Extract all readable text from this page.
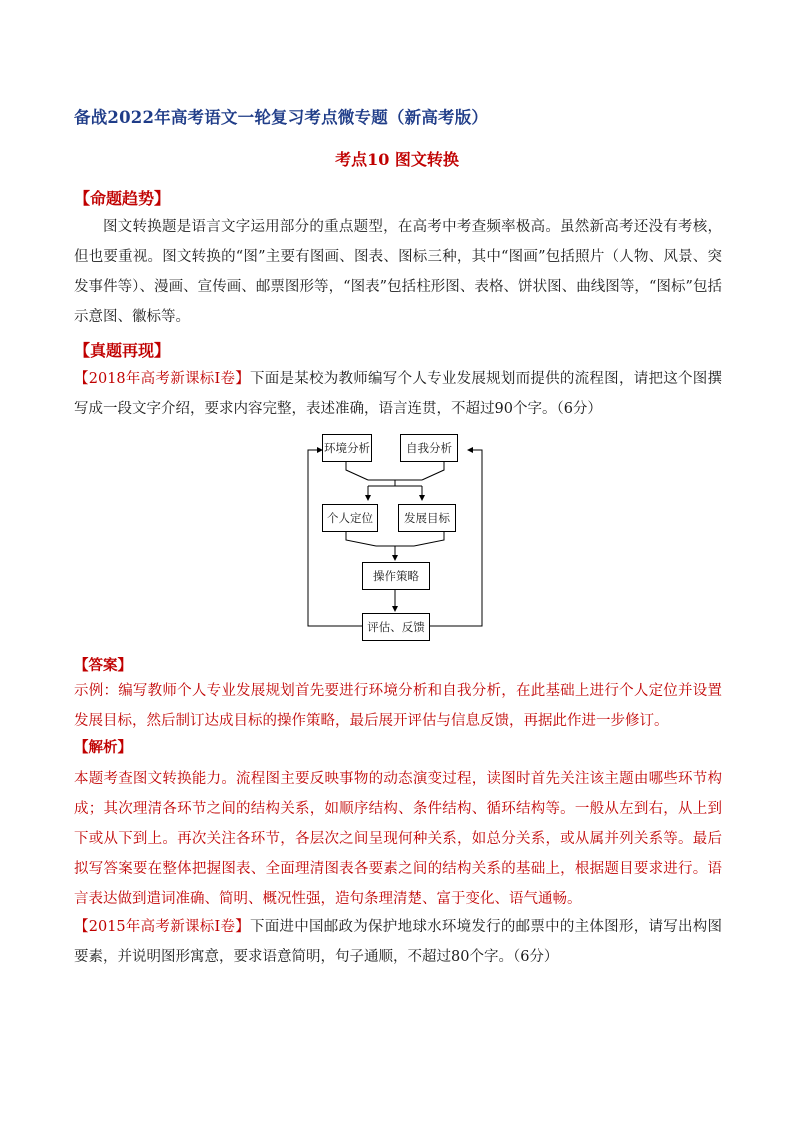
备战2022年高考语文一轮复习考点微专题（新高考版）
考点10 图文转换
【命题趋势】
图文转换题是语言文字运用部分的重点题型，在高考中考查频率极高。虽然新高考还没有考核，但也要重视。图文转换的“图”主要有图画、图表、图标三种，其中“图画”包括照片（人物、风景、突发事件等）、漫画、宣传画、邮票图形等，“图表”包括柱形图、表格、饼状图、曲线图等，“图标”包括示意图、徽标等。
【真题再现】
【2018年高考新课标Ⅰ卷】下面是某校为教师编写个人专业发展规划而提供的流程图，请把这个图撰写成一段文字介绍，要求内容完整，表述准确，语言连贯，不超过90个字。（6分）
环境分析	自我分析
个人定位	发展目标
操作策略
评估、反馈
【答案】
示例：编写教师个人专业发展规划首先要进行环境分析和自我分析，在此基础上进行个人定位并设置发展目标，然后制订达成目标的操作策略，最后展开评估与信息反馈，再据此作进一步修订。
【解析】
本题考查图文转换能力。流程图主要反映事物的动态演变过程，读图时首先关注该主题由哪些环节构成；其次理清各环节之间的结构关系，如顺序结构、条件结构、循环结构等。一般从左到右，从上到下或从下到上。再次关注各环节，各层次之间呈现何种关系，如总分关系，或从属并列关系等。最后拟写答案要在整体把握图表、全面理清图表各要素之间的结构关系的基础上，根据题目要求进行。语言表达做到遣词准确、简明、概况性强，造句条理清楚、富于变化、语气通畅。
【2015年高考新课标Ⅰ卷】下面进中国邮政为保护地球水环境发行的邮票中的主体图形，请写出构图要素，并说明图形寓意，要求语意简明，句子通顺，不超过80个字。（6分）
